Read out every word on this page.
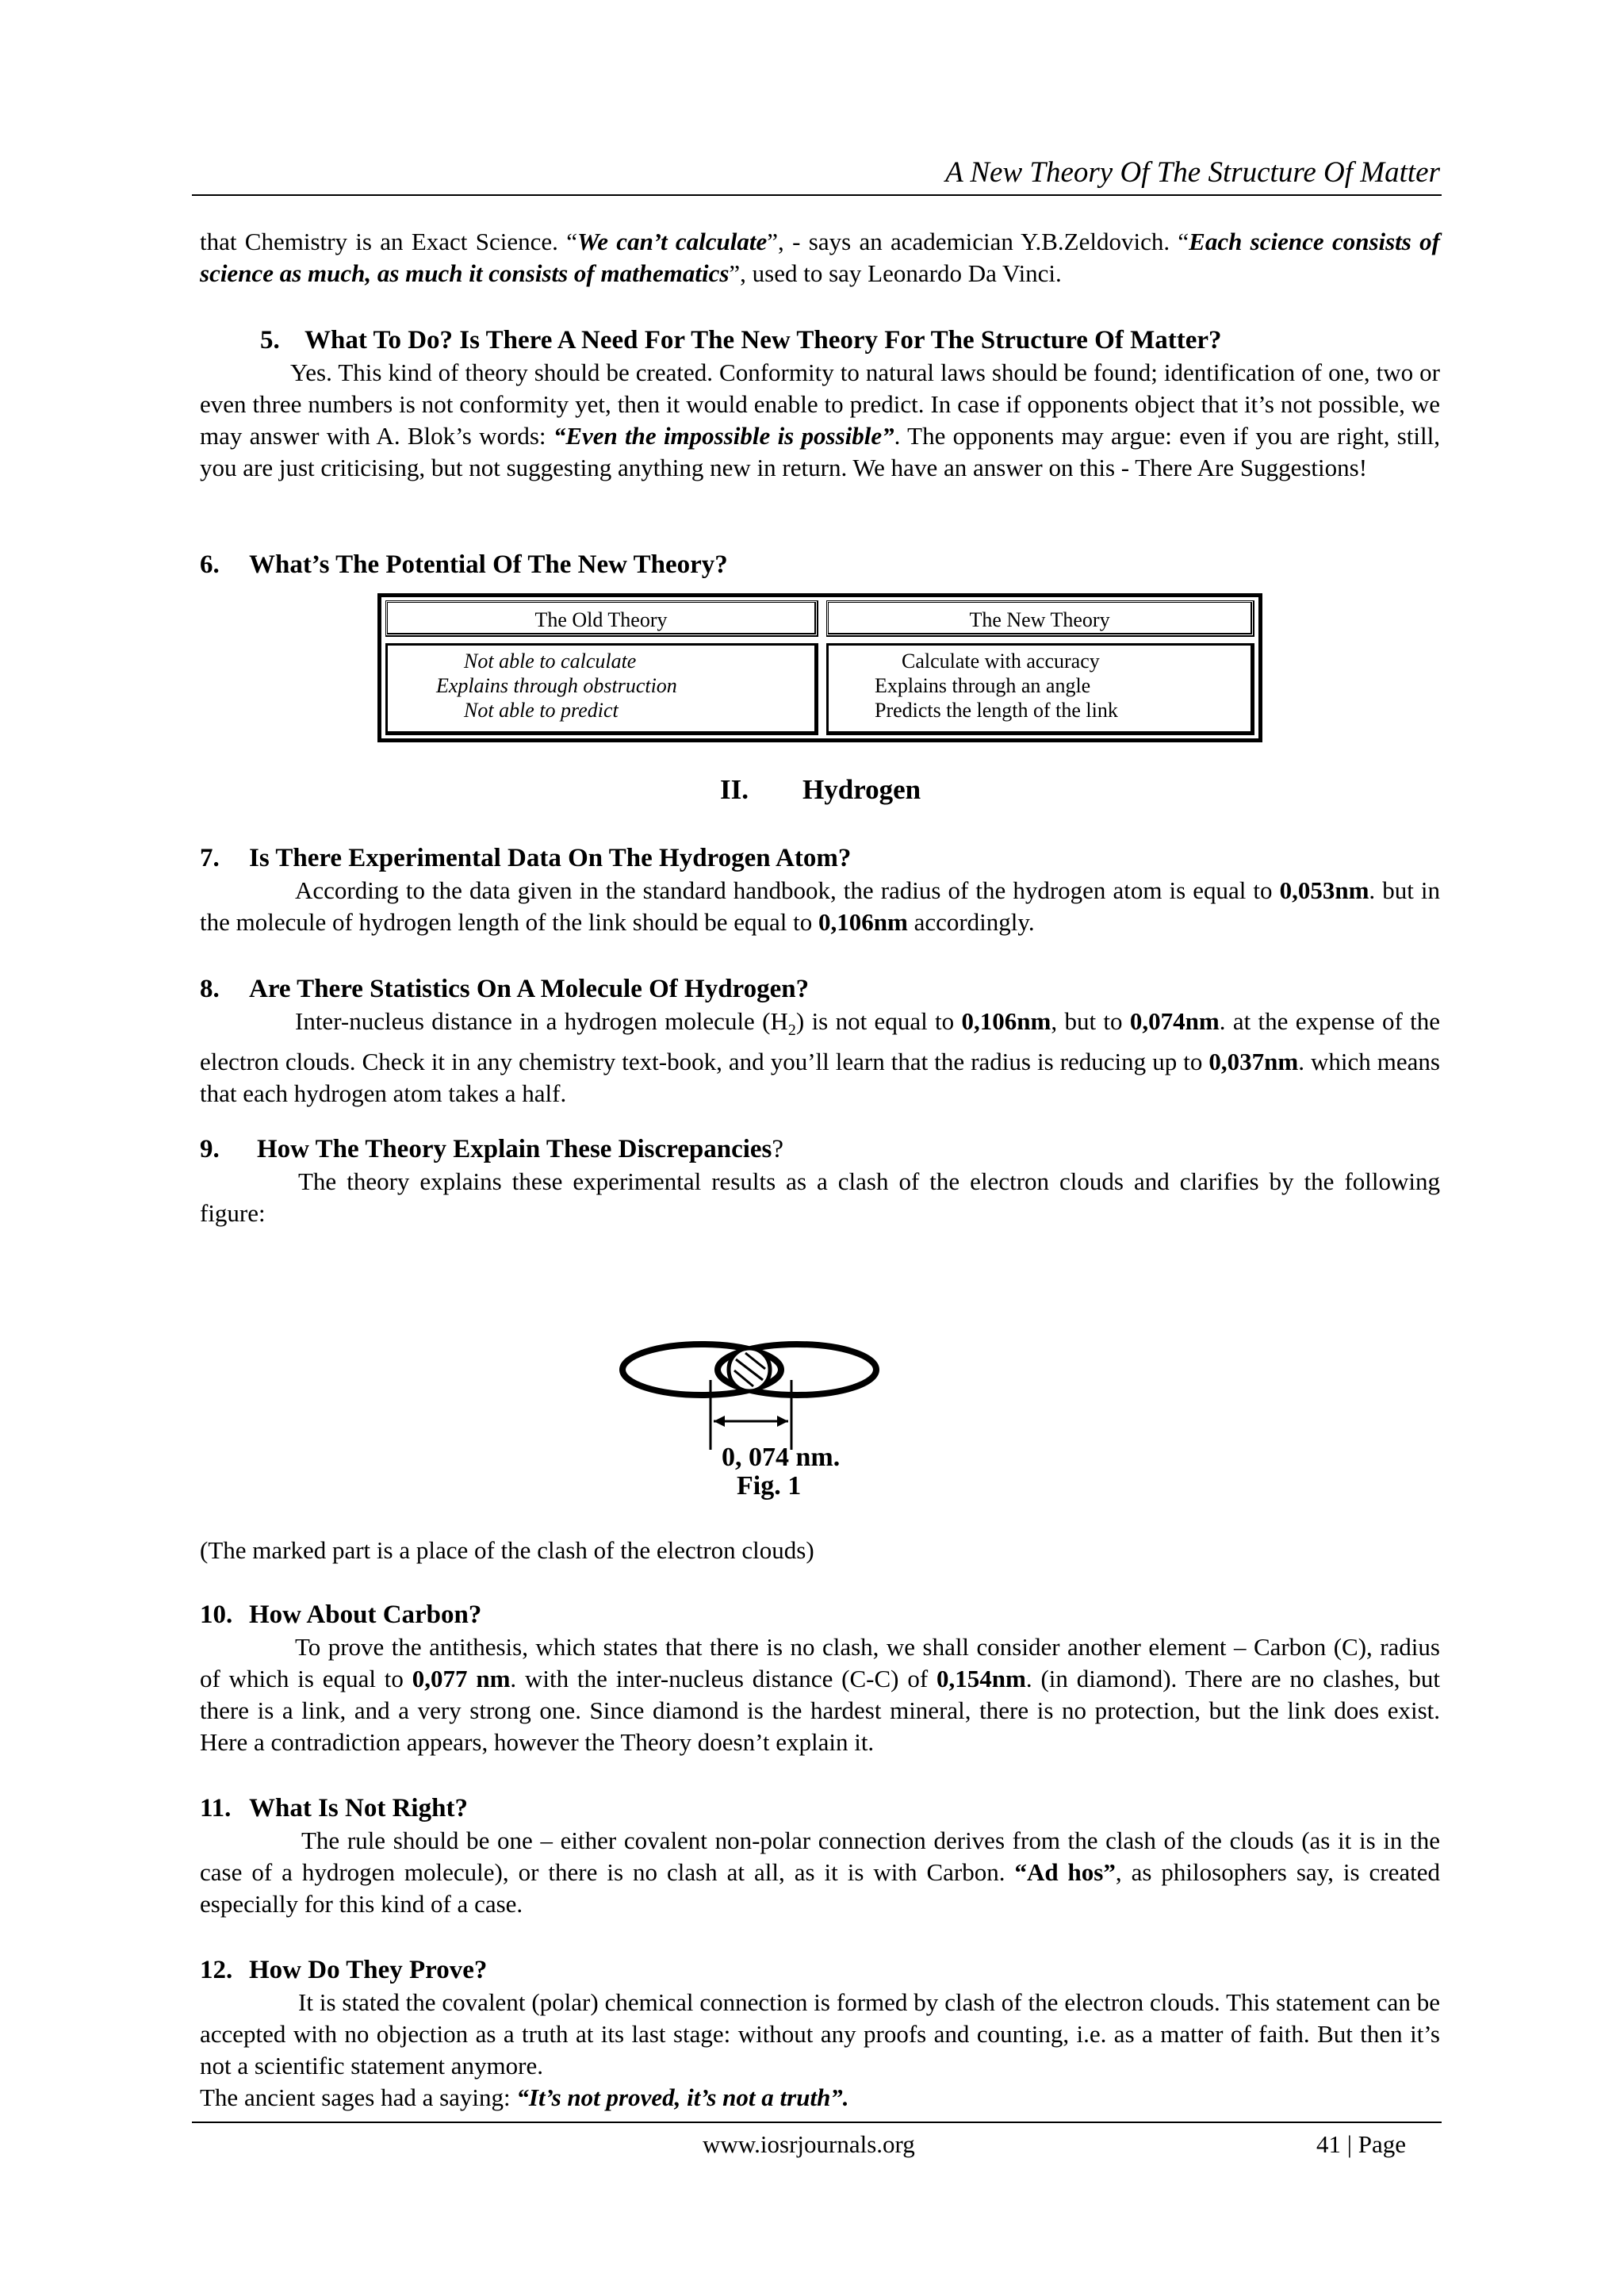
A New Theory Of The Structure Of Matter
that Chemistry is an Exact Science. “We can’t calculate”, - says an academician Y.B.Zeldovich. “Each science consists of science as much, as much it consists of mathematics”, used to say Leonardo Da Vinci.
5. What To Do? Is There A Need For The New Theory For The Structure Of Matter?
Yes. This kind of theory should be created. Conformity to natural laws should be found; identification of one, two or even three numbers is not conformity yet, then it would enable to predict. In case if opponents object that it’s not possible, we may answer with A. Blok’s words: “Even the impossible is possible”. The opponents may argue: even if you are right, still, you are just criticising, but not suggesting anything new in return. We have an answer on this - There Are Suggestions!
6. What’s The Potential Of The New Theory?
The Old Theory	The New Theory
Not able to calculate
Explains through obstruction
Not able to predict
Calculate with accuracy
Explains through an angle
Predicts the length of the link
II. Hydrogen
7. Is There Experimental Data On The Hydrogen Atom?
According to the data given in the standard handbook, the radius of the hydrogen atom is equal to 0,053nm. but in the molecule of hydrogen length of the link should be equal to 0,106nm accordingly.
8. Are There Statistics On A Molecule Of Hydrogen?
Inter-nucleus distance in a hydrogen molecule $(H_2)$ is not equal to 0,106nm, but to 0,074nm. at the expense of the electron clouds. Check it in any chemistry text-book, and you’ll learn that the radius is reducing up to 0,037nm. which means that each hydrogen atom takes a half.
9. How The Theory Explain These Discrepancies?
The theory explains these experimental results as a clash of the electron clouds and clarifies by the following figure:
0, 074 nm.
Fig. 1
(The marked part is a place of the clash of the electron clouds)
10. How About Carbon?
To prove the antithesis, which states that there is no clash, we shall consider another element – Carbon (C), radius of which is equal to 0,077 nm. with the inter-nucleus distance (C-C) of 0,154nm. (in diamond). There are no clashes, but there is a link, and a very strong one. Since diamond is the hardest mineral, there is no protection, but the link does exist. Here a contradiction appears, however the Theory doesn’t explain it.
11. What Is Not Right?
The rule should be one – either covalent non-polar connection derives from the clash of the clouds (as it is in the case of a hydrogen molecule), or there is no clash at all, as it is with Carbon. “Ad hos”, as philosophers say, is created especially for this kind of a case.
12. How Do They Prove?
It is stated the covalent (polar) chemical connection is formed by clash of the electron clouds. This statement can be accepted with no objection as a truth at its last stage: without any proofs and counting, i.e. as a matter of faith. But then it’s not a scientific statement anymore.
The ancient sages had a saying: “It’s not proved, it’s not a truth”.
www.iosrjournals.org	41 | Page
